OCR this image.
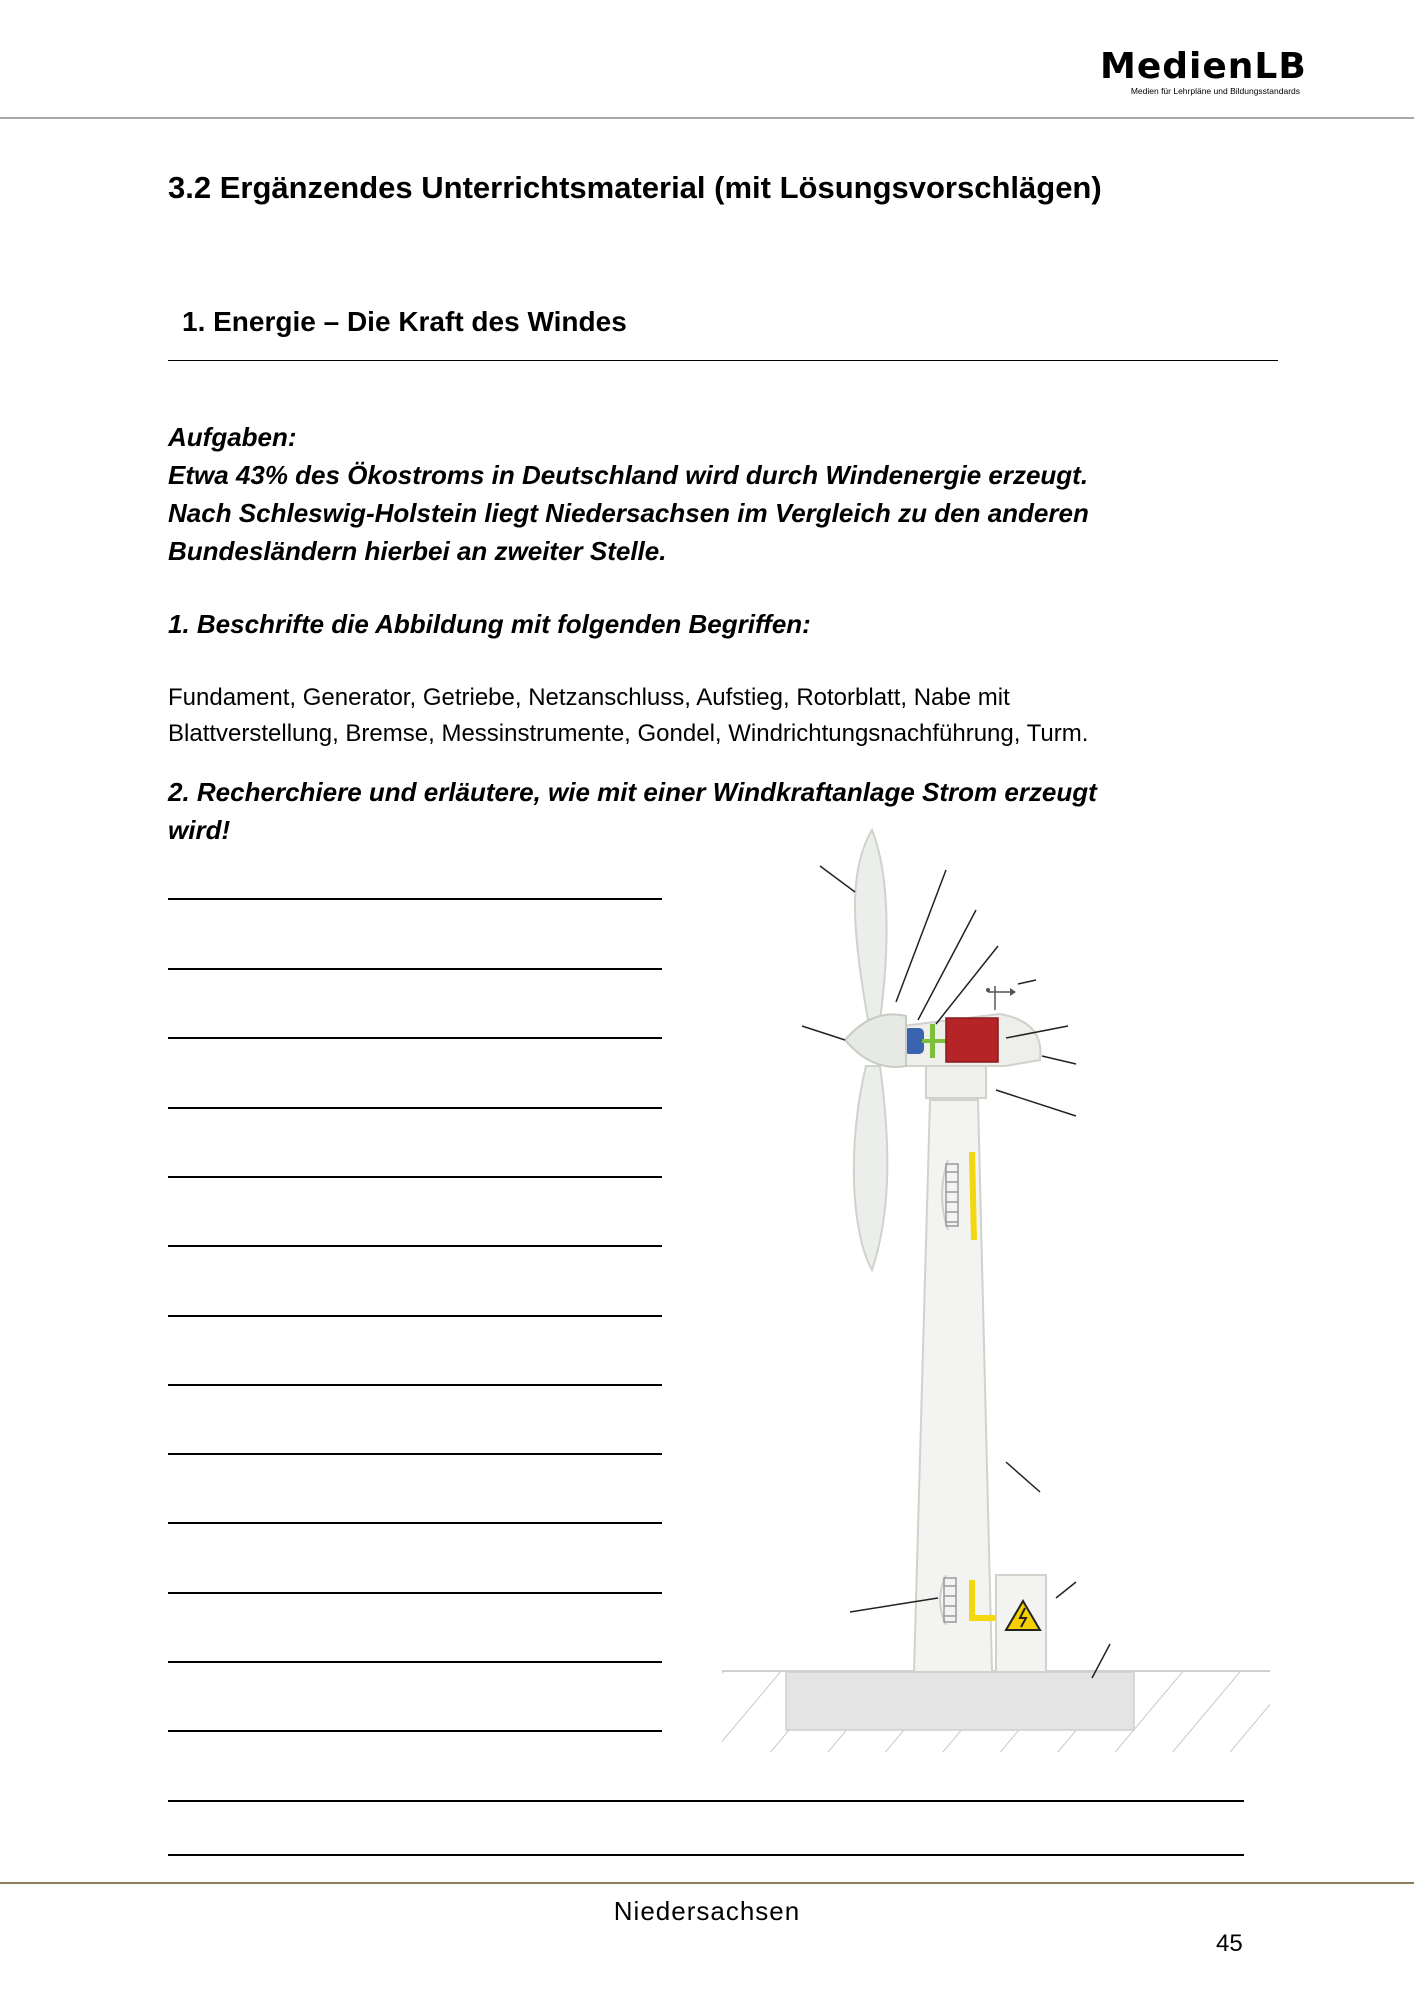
MedienLB
Medien für Lehrpläne und Bildungsstandards
3.2 Ergänzendes Unterrichtsmaterial (mit Lösungsvorschlägen)
1. Energie – Die Kraft des Windes
Aufgaben:
Etwa 43% des Ökostroms in Deutschland wird durch Windenergie erzeugt.
Nach Schleswig-Holstein liegt Niedersachsen im Vergleich zu den anderen
Bundesländern hierbei an zweiter Stelle.
1. Beschrifte die Abbildung mit folgenden Begriffen:
Fundament, Generator, Getriebe, Netzanschluss, Aufstieg, Rotorblatt, Nabe mit
Blattverstellung, Bremse, Messinstrumente, Gondel, Windrichtungsnachführung, Turm.
2. Recherchiere und erläutere, wie mit einer Windkraftanlage Strom erzeugt
wird!
Niedersachsen
45
